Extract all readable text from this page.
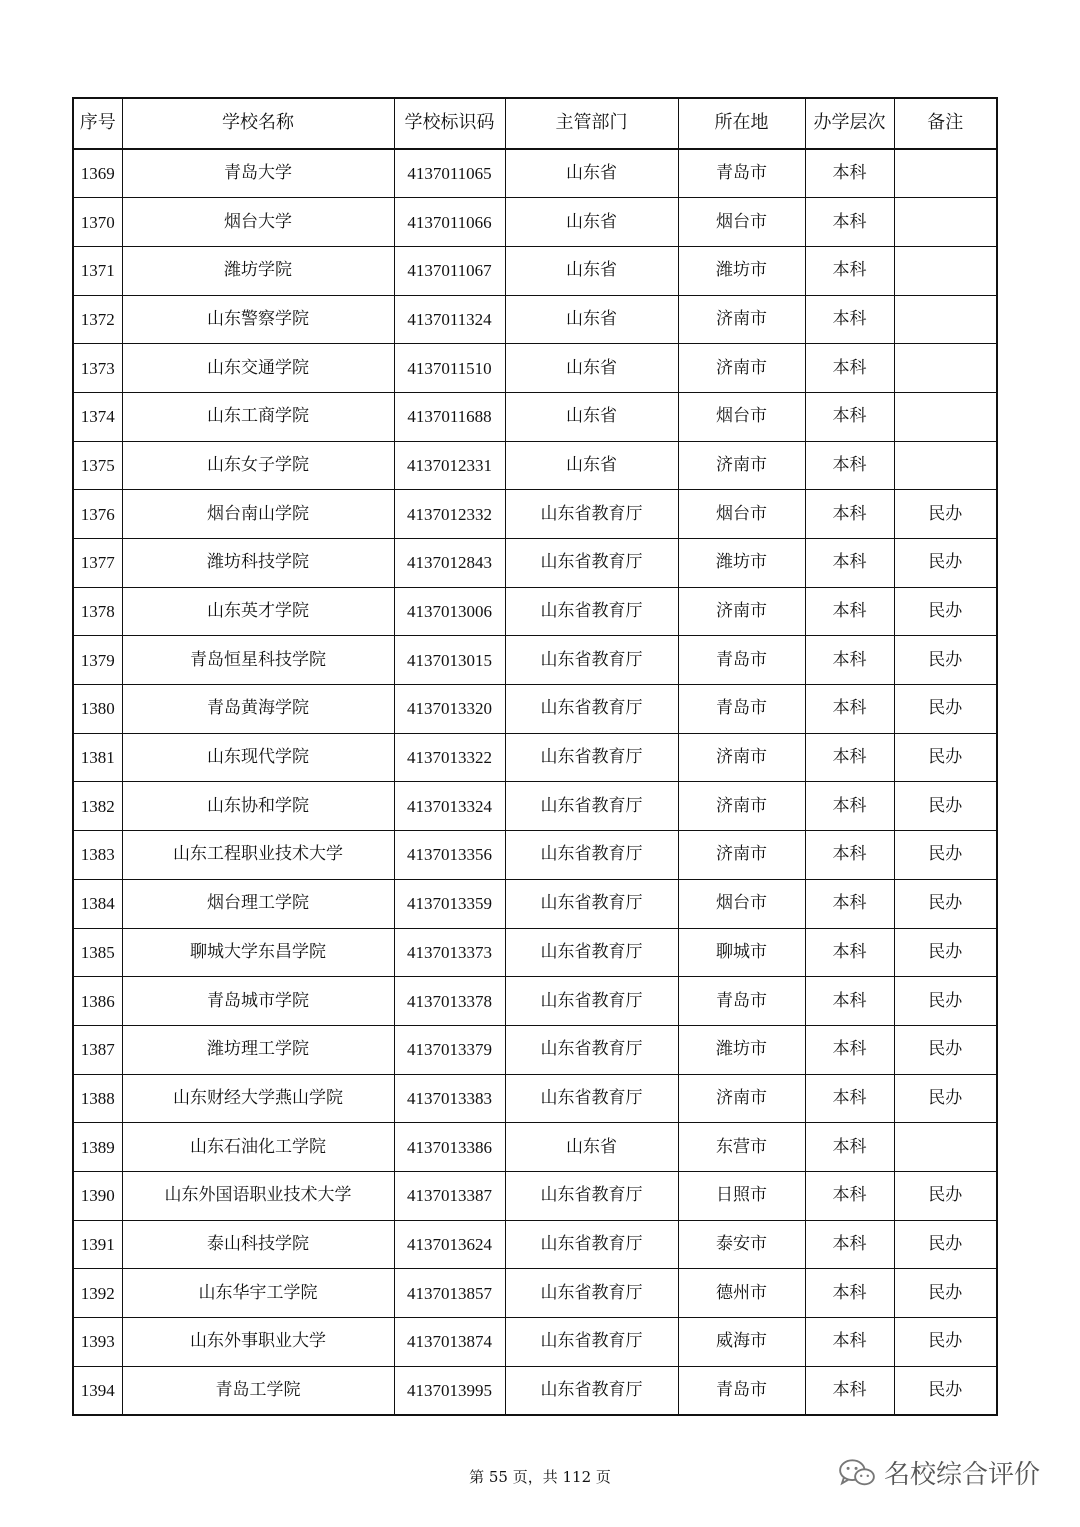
序号	学校名称	学校标识码	主管部门	所在地	办学层次	备注
1369	青岛大学	4137011065	山东省	青岛市	本科	
1370	烟台大学	4137011066	山东省	烟台市	本科	
1371	潍坊学院	4137011067	山东省	潍坊市	本科	
1372	山东警察学院	4137011324	山东省	济南市	本科	
1373	山东交通学院	4137011510	山东省	济南市	本科	
1374	山东工商学院	4137011688	山东省	烟台市	本科	
1375	山东女子学院	4137012331	山东省	济南市	本科	
1376	烟台南山学院	4137012332	山东省教育厅	烟台市	本科	民办
1377	潍坊科技学院	4137012843	山东省教育厅	潍坊市	本科	民办
1378	山东英才学院	4137013006	山东省教育厅	济南市	本科	民办
1379	青岛恒星科技学院	4137013015	山东省教育厅	青岛市	本科	民办
1380	青岛黄海学院	4137013320	山东省教育厅	青岛市	本科	民办
1381	山东现代学院	4137013322	山东省教育厅	济南市	本科	民办
1382	山东协和学院	4137013324	山东省教育厅	济南市	本科	民办
1383	山东工程职业技术大学	4137013356	山东省教育厅	济南市	本科	民办
1384	烟台理工学院	4137013359	山东省教育厅	烟台市	本科	民办
1385	聊城大学东昌学院	4137013373	山东省教育厅	聊城市	本科	民办
1386	青岛城市学院	4137013378	山东省教育厅	青岛市	本科	民办
1387	潍坊理工学院	4137013379	山东省教育厅	潍坊市	本科	民办
1388	山东财经大学燕山学院	4137013383	山东省教育厅	济南市	本科	民办
1389	山东石油化工学院	4137013386	山东省	东营市	本科	
1390	山东外国语职业技术大学	4137013387	山东省教育厅	日照市	本科	民办
1391	泰山科技学院	4137013624	山东省教育厅	泰安市	本科	民办
1392	山东华宇工学院	4137013857	山东省教育厅	德州市	本科	民办
1393	山东外事职业大学	4137013874	山东省教育厅	威海市	本科	民办
1394	青岛工学院	4137013995	山东省教育厅	青岛市	本科	民办
第 55 页，共 112 页	名校综合评价
